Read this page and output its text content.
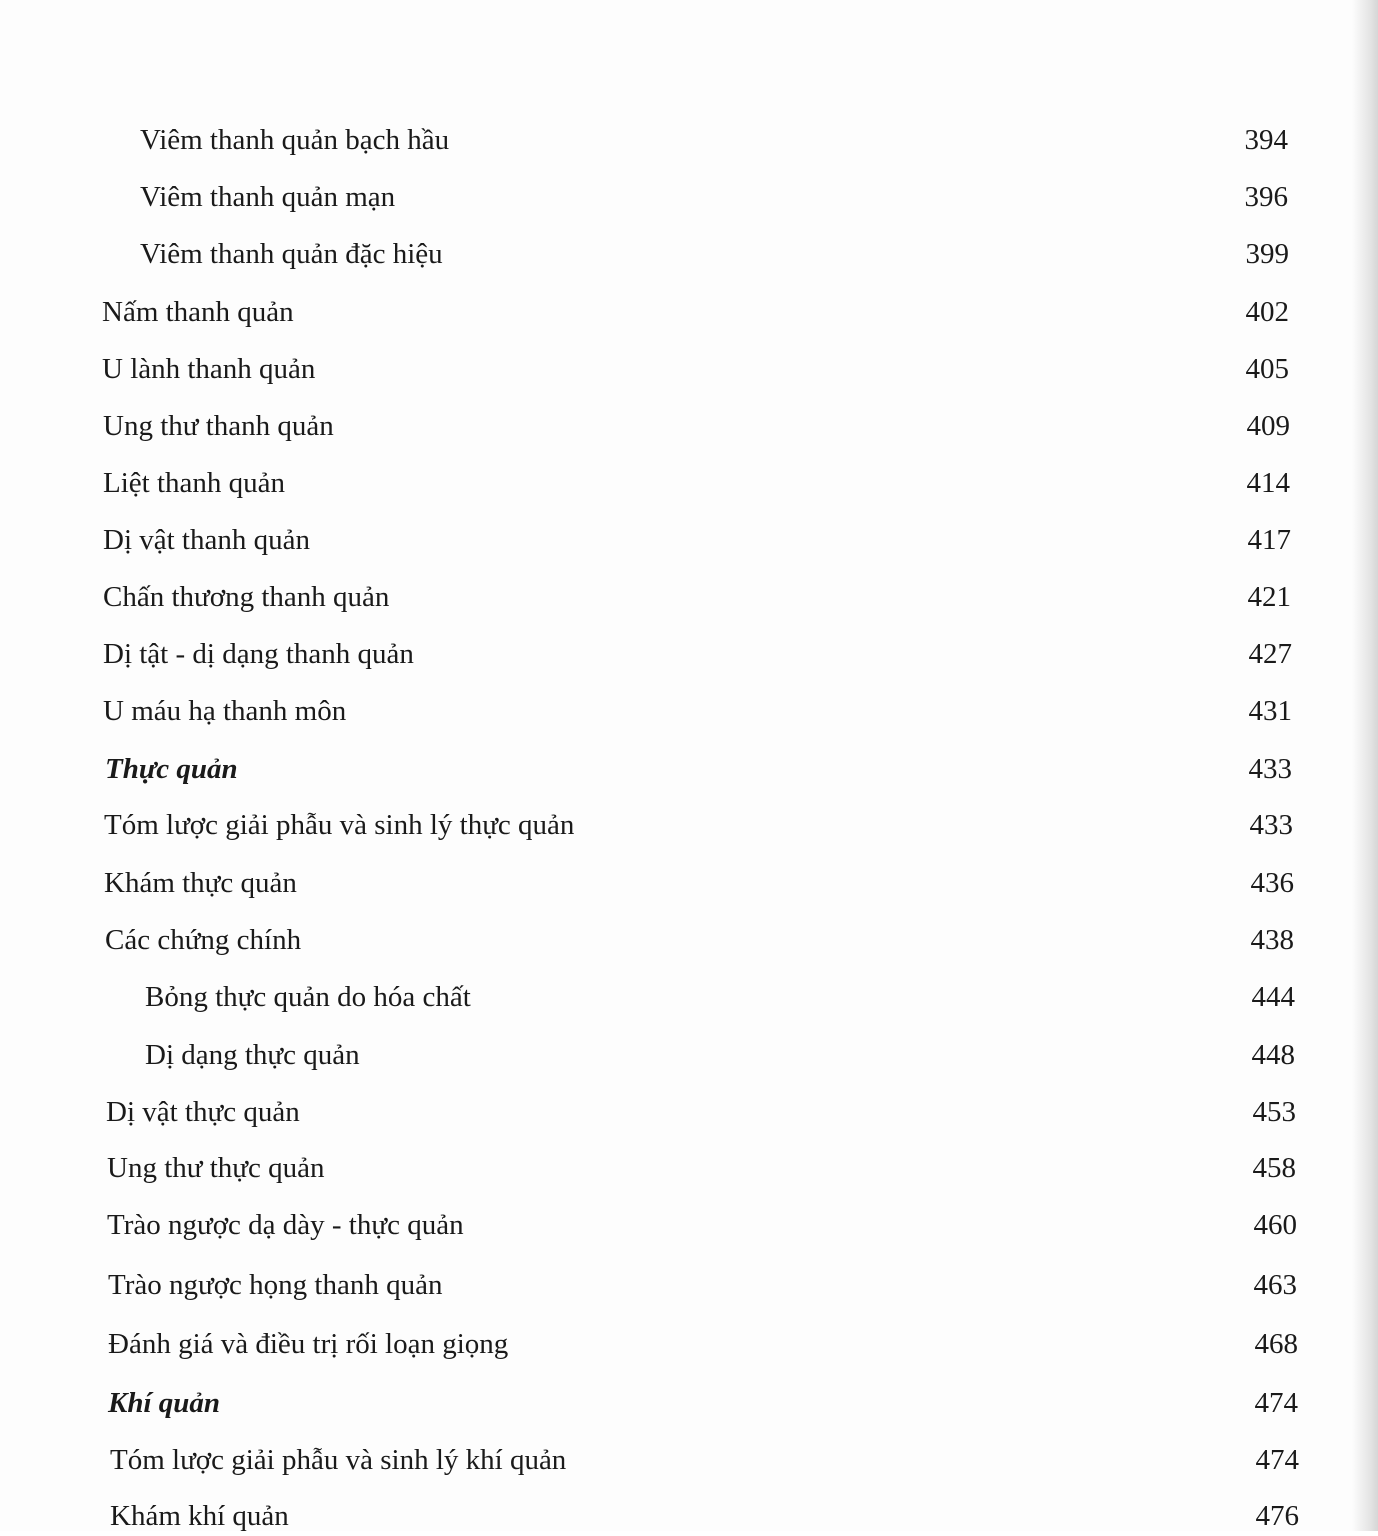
Viêm thanh quản bạch hầu	394
Viêm thanh quản mạn	396
Viêm thanh quản đặc hiệu	399
Nấm thanh quản	402
U lành thanh quản	405
Ung thư thanh quản	409
Liệt thanh quản	414
Dị vật thanh quản	417
Chấn thương thanh quản	421
Dị tật - dị dạng thanh quản	427
U máu hạ thanh môn	431
Thực quản	433
Tóm lược giải phẫu và sinh lý thực quản	433
Khám thực quản	436
Các chứng chính	438
Bỏng thực quản do hóa chất	444
Dị dạng thực quản	448
Dị vật thực quản	453
Ung thư thực quản	458
Trào ngược dạ dày - thực quản	460
Trào ngược họng thanh quản	463
Đánh giá và điều trị rối loạn giọng	468
Khí quản	474
Tóm lược giải phẫu và sinh lý khí quản	474
Khám khí quản	476
